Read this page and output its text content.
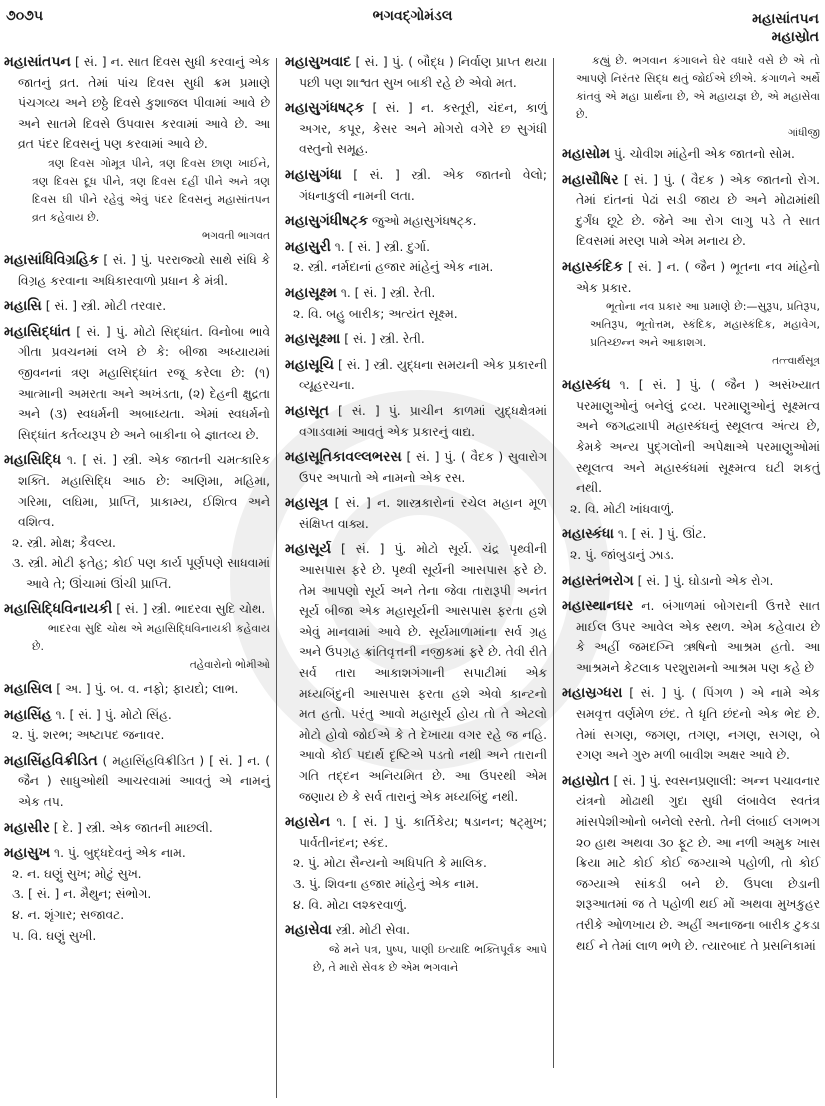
૭૦૭૫	ભગવદ્ગોમંડલ	મહાસાંતપન
મહાસ્રોત
મહાસાંતપન [ સં. ] ન. સાત દિવસ સુધી કરવાનું એક જાતનું વ્રત. તેમાં પાંચ દિવસ સુધી ક્રમ પ્રમાણે પંચગવ્ય અને છઠ્ઠે દિવસે કુશાજલ પીવામાં આવે છે અને સાતમે દિવસે ઉપવાસ કરવામાં આવે છે. આ વ્રત પંદર દિવસનું પણ કરવામાં આવે છે.
ત્રણ દિવસ ગોમૂત્ર પીને, ત્રણ દિવસ છાણ ખાઈને, ત્રણ દિવસ દૂધ પીને, ત્રણ દિવસ દહીં પીને અને ત્રણ દિવસ ઘી પીને રહેવું એવું પંદર દિવસનું મહાસાંતપન વ્રત કહેવાય છે.
ભગવતી ભાગવત
મહાસાંધિવિગ્રહિક [ સં. ] પું. પરરાજ્યો સાથે સંધિ કે વિગ્રહ કરવાના અધિકારવાળો પ્રધાન કે મંત્રી.
મહાસિ [ સં. ] સ્ત્રી. મોટી તરવાર.
મહાસિદ્ધાંત [ સં. ] પું. મોટો સિદ્ધાંત. વિનોબા ભાવે ગીતા પ્રવચનમાં લખે છે કે: બીજા અધ્યાયમાં જીવનનાં ત્રણ મહાસિદ્ધાંત રજૂ કરેલા છે: (૧) આત્માની અમરતા અને અખંડતા, (૨) દેહની ક્ષુદ્રતા અને (૩) સ્વધર્મની અબાધ્યતા. એમાં સ્વધર્મનો સિદ્ધાંત કર્તવ્યરૂપ છે અને બાકીના બે જ્ઞાતવ્ય છે.
મહાસિદ્ધિ ૧. [ સં. ] સ્ત્રી. એક જાતની ચમત્કારિક શક્તિ. મહાસિદ્ધિ આઠ છે: અણિમા, મહિમા, ગરિમા, લઘિમા, પ્રાપ્તિ, પ્રાકામ્ય, ઈશિત્વ અને વશિત્વ.
૨. સ્ત્રી. મોક્ષ; કૈવલ્ય.
૩. સ્ત્રી. મોટી ફતેહ; કોઈ પણ કાર્ય પૂર્ણપણે સાધવામાં આવે તે; ઊંચામાં ઊંચી પ્રાપ્તિ.
મહાસિદ્ધિવિનાયકી [ સં. ] સ્ત્રી. ભાદરવા સુદિ ચોથ.
ભાદરવા સુદિ ચોથ એ મહાસિદ્ધિવિનાયકી કહેવાય છે.
તહેવારોનો ભોમીઓ
મહાસિલ [ અ. ] પું. બ. વ. નફો; ફાયદો; લાભ.
મહાસિંહ ૧. [ સં. ] પું. મોટો સિંહ.
૨. પું. શરભ; અષ્ટાપદ જનાવર.
મહાસિંહવિક્રીડિત ( મહાસિંહવિક્રીડિત ) [ સં. ] ન. ( જૈન ) સાધુઓથી આચરવામાં આવતું એ નામનું એક તપ.
મહાસીર [ દે. ] સ્ત્રી. એક જાતની માછલી.
મહાસુખ ૧. પું. બુદ્ધદેવનું એક નામ.
૨. ન. ઘણું સુખ; મોટું સુખ.
૩. [ સં. ] ન. મૈથુન; સંભોગ.
૪. ન. શૃંગાર; સજાવટ.
૫. વિ. ઘણું સુખી.
મહાસુખવાદ [ સં. ] પું. ( બૌદ્ધ ) નિર્વાણ પ્રાપ્ત થયા પછી પણ શાશ્વત સુખ બાકી રહે છે એવો મત.
મહાસુગંધષટ્ક [ સં. ] ન. કસ્તૂરી, ચંદન, કાળું અગર, કપૂર, કેસર અને મોગરો વગેરે છ સુગંધી વસ્તુનો સમૂહ.
મહાસુગંધા [ સં. ] સ્ત્રી. એક જાતનો વેલો; ગંધનાકુલી નામની લતા.
મહાસુગંધીષટ્ક જુઓ મહાસુગંધષટ્ક.
મહાસુરી ૧. [ સં. ] સ્ત્રી. દુર્ગા.
૨. સ્ત્રી. નર્મદાનાં હજાર માંહેનું એક નામ.
મહાસૂક્ષ્મ ૧. [ સં. ] સ્ત્રી. રેતી.
૨. વિ. બહુ બારીક; અત્યંત સૂક્ષ્મ.
મહાસૂક્ષ્મા [ સં. ] સ્ત્રી. રેતી.
મહાસૂચિ [ સં. ] સ્ત્રી. યુદ્ધના સમયની એક પ્રકારની વ્યૂહરચના.
મહાસૂત [ સં. ] પું. પ્રાચીન કાળમાં યુદ્ધક્ષેત્રમાં વગાડવામાં આવતું એક પ્રકારનું વાદ્ય.
મહાસૂતિકાવલ્લભરસ [ સં. ] પું. ( વૈદક ) સુવારોગ ઉપર અપાતો એ નામનો એક રસ.
મહાસૂત્ર [ સં. ] ન. શાસ્ત્રકારોનાં રચેલ મહાન મૂળ સંક્ષિપ્ત વાક્ય.
મહાસૂર્ય [ સં. ] પું. મોટો સૂર્ય. ચંદ્ર પૃથ્વીની આસપાસ ફરે છે. પૃથ્વી સૂર્યની આસપાસ ફરે છે. તેમ આપણો સૂર્ય અને તેના જેવા તારારૂપી અનંત સૂર્ય બીજા એક મહાસૂર્યની આસપાસ ફરતા હશે એવું માનવામાં આવે છે. સૂર્યમાળામાંના સર્વ ગ્રહ અને ઉપગ્રહ ક્રાંતિવૃત્તની નજીકમાં ફરે છે. તેવી રીતે સર્વ તારા આકાશગંગાની સપાટીમાં એક મધ્યબિંદુની આસપાસ ફરતા હશે એવો કાન્ટનો મત હતો. પરંતુ આવો મહાસૂર્ય હોય તો તે એટલો મોટો હોવો જોઈએ કે તે દેખાયા વગર રહે જ નહિ. આવો કોઈ પદાર્થ દૃષ્ટિએ પડતો નથી અને તારાની ગતિ તદ્દન અનિયમિત છે. આ ઉપરથી એમ જણાય છે કે સર્વ તારાનું એક મધ્યબિંદુ નથી.
મહાસેન ૧. [ સં. ] પું. કાર્તિકેય; ષડાનન; ષટ્મુખ; પાર્વતીનંદન; સ્કંદ.
૨. પું. મોટા સૈન્યનો અધિપતિ કે માલિક.
૩. પું. શિવના હજાર માંહેનું એક નામ.
૪. વિ. મોટા લશ્કરવાળું.
મહાસેવા સ્ત્રી. મોટી સેવા.
જે મને પત્ર, પુષ્પ, પાણી ઇત્યાદિ ભક્તિપૂર્વક આપે છે, તે મારો સેવક છે એમ ભગવાને
કહ્યું છે. ભગવાન કંગાલને ઘેર વધારે વસે છે એ તો આપણે નિરંતર સિદ્ધ થતું જોઈએ છીએ. કંગાળને અર્થે કાંતવું એ મહા પ્રાર્થના છે, એ મહાયજ્ઞ છે, એ મહાસેવા છે.
ગાંધીજી
મહાસોમ પું. ચોવીશ માંહેની એક જાતનો સોમ.
મહાસૌષિર [ સં. ] પું. ( વૈદક ) એક જાતનો રોગ. તેમાં દાંતનાં પેઢાં સડી જાય છે અને મોઢામાંથી દુર્ગંધ છૂટે છે. જેને આ રોગ લાગુ પડે તે સાત દિવસમાં મરણ પામે એમ મનાય છે.
મહાસ્કંદિક [ સં. ] ન. ( જૈન ) ભૂતના નવ માંહેનો એક પ્રકાર.
ભૂતોના નવ પ્રકાર આ પ્રમાણે છે:—સુરૂપ, પ્રતિરૂપ, અતિરૂપ, ભૂતોત્તમ, સ્કંદિક, મહાસ્કંદિક, મહાવેગ, પ્રતિચ્છન્ન અને આકાશગ.
તત્ત્વાર્થસૂત્ર
મહાસ્કંધ ૧. [ સં. ] પું. ( જૈન ) અસંખ્યાત પરમાણુઓનું બનેલું દ્રવ્ય. પરમાણુઓનું સૂક્ષ્મત્વ અને જગદ્વ્યાપી મહાસ્કંધનું સ્થૂલત્વ અંત્ય છે, કેમકે અન્ય પુદ્ગલોની અપેક્ષાએ પરમાણુઓમાં સ્થૂલત્વ અને મહાસ્કંધમાં સૂક્ષ્મત્વ ઘટી શકતું નથી.
૨. વિ. મોટી ખાંધવાળું.
મહાસ્કંધા ૧. [ સં. ] પું. ઊંટ.
૨. પું. જાંબુડાનું ઝાડ.
મહાસ્તંભરોગ [ સં. ] પું. ઘોડાનો એક રોગ.
મહાસ્થાનઘર ન. બંગાળમાં બોગરાની ઉત્તરે સાત માઈલ ઉપર આવેલ એક સ્થળ. એમ કહેવાય છે કે અહીં જમદગ્નિ ઋષિનો આશ્રમ હતો. આ આશ્રમને કેટલાક પરશુરામનો આશ્રમ પણ કહે છે
મહાસ્રગ્ધરા [ સં. ] પું. ( પિંગળ ) એ નામે એક સમવૃત્ત વર્ણમેળ છંદ. તે ધૃતિ છંદનો એક ભેદ છે. તેમાં સગણ, જગણ, તગણ, નગણ, સગણ, બે રગણ અને ગુરુ મળી બાવીશ અક્ષર આવે છે.
મહાસ્રોત [ સં. ] પું. સ્વસનપ્રણાલી: અન્ન પચાવનાર યંત્રનો મોઢાથી ગુદા સુધી લંબાવેલ સ્વતંત્ર માંસપેશીઓનો બનેલો રસ્તો. તેની લંબાઈ લગભગ ૨૦ હાથ અથવા ૩૦ ફૂટ છે. આ નળી અમુક ખાસ ક્રિયા માટે કોઈ કોઈ જગ્યાએ પહોળી, તો કોઈ જગ્યાએ સાંકડી બને છે. ઉપલા છેડાની શરૂઆતમાં જ તે પહોળી થઈ મોં અથવા મુખકુહર તરીકે ઓળખાય છે. અહીં અનાજના બારીક ટુકડા થઈ ને તેમાં લાળ ભળે છે. ત્યારબાદ તે પ્રસનિકામાં
